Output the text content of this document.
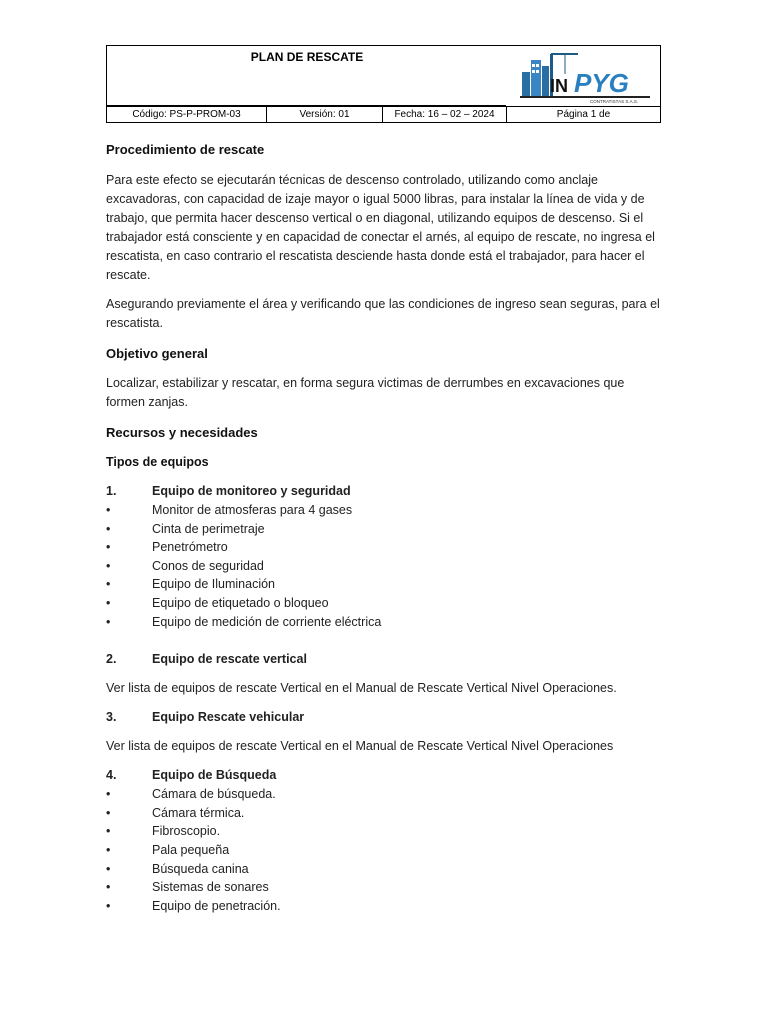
PLAN DE RESCATE
IN PYG
CONTRATISTAS S.A.S.
Código: PS-P-PROM-03	Versión: 01	Fecha: 16 – 02 – 2024	Página 1 de
Procedimiento de rescate

Para este efecto se ejecutarán técnicas de descenso controlado, utilizando como anclaje excavadoras, con capacidad de izaje mayor o igual 5000 libras, para instalar la línea de vida y de trabajo, que permita hacer descenso vertical o en diagonal, utilizando equipos de descenso. Si el trabajador está consciente y en capacidad de conectar el arnés, al equipo de rescate, no ingresa el rescatista, en caso contrario el rescatista desciende hasta donde está el trabajador, para hacer el rescate.

Asegurando previamente el área y verificando que las condiciones de ingreso sean seguras, para el rescatista.

Objetivo general

Localizar, estabilizar y rescatar, en forma segura victimas de derrumbes en excavaciones que formen zanjas.

Recursos y necesidades
Tipos de equipos
1.	Equipo de monitoreo y seguridad
•	Monitor de atmosferas para 4 gases
•	Cinta de perimetraje
•	Penetrómetro
•	Conos de seguridad
•	Equipo de Iluminación
•	Equipo de etiquetado o bloqueo
•	Equipo de medición de corriente eléctrica
2.	Equipo de rescate vertical

Ver lista de equipos de rescate Vertical en el Manual de Rescate Vertical Nivel Operaciones.

3.	Equipo Rescate vehicular

Ver lista de equipos de rescate Vertical en el Manual de Rescate Vertical Nivel Operaciones

4.	Equipo de Búsqueda
•	Cámara de búsqueda.
•	Cámara térmica.
•	Fibroscopio.
•	Pala pequeña
•	Búsqueda canina
•	Sistemas de sonares
•	Equipo de penetración.
